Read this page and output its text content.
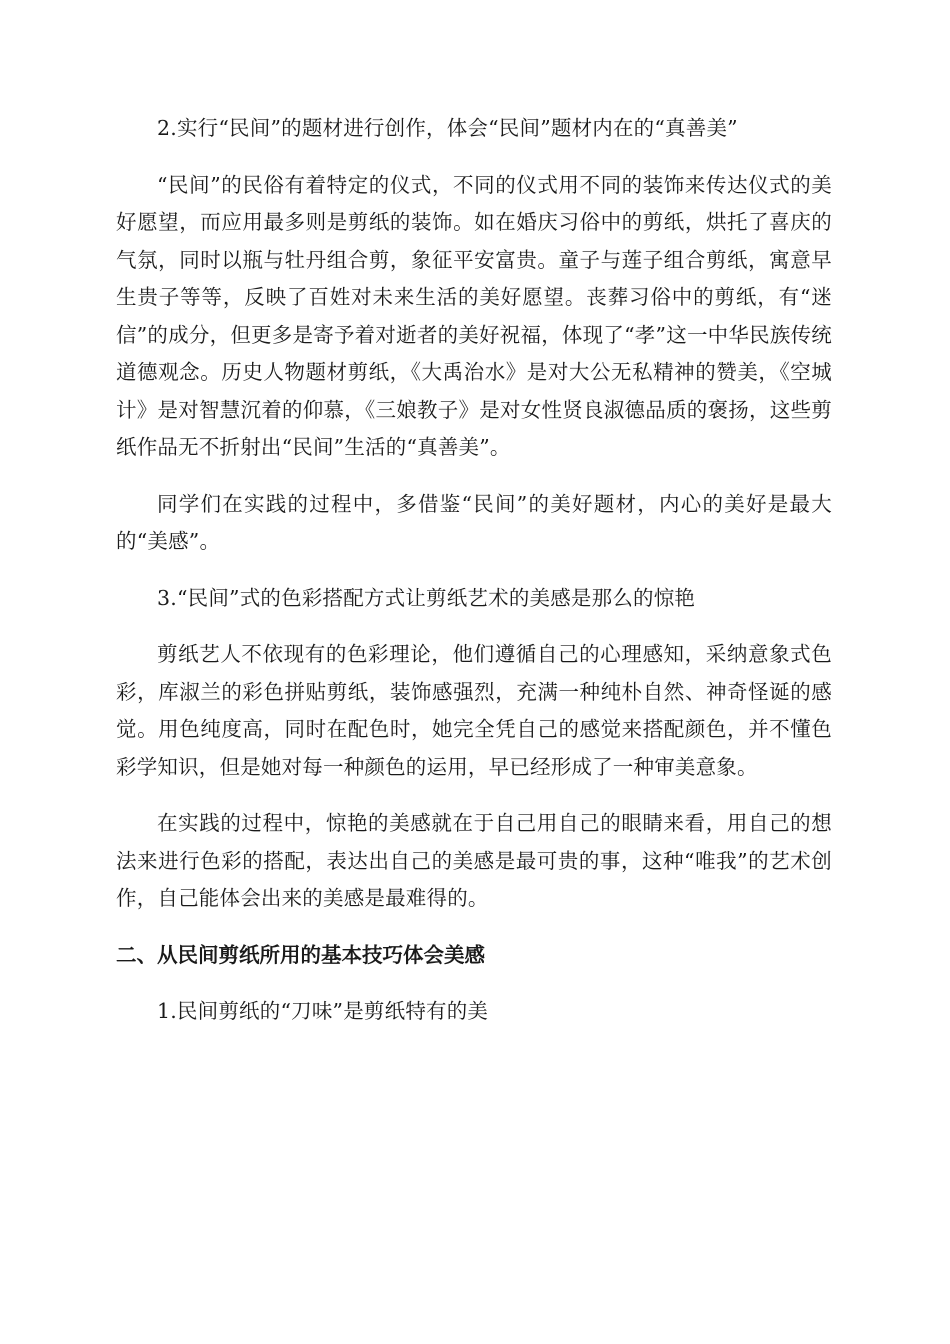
2.实行“民间”的题材进行创作，体会“民间”题材内在的“真善美”

“民间”的民俗有着特定的仪式，不同的仪式用不同的装饰来传达仪式的美好愿望，而应用最多则是剪纸的装饰。如在婚庆习俗中的剪纸，烘托了喜庆的气氛，同时以瓶与牡丹组合剪，象征平安富贵。童子与莲子组合剪纸，寓意早生贵子等等，反映了百姓对未来生活的美好愿望。丧葬习俗中的剪纸，有“迷信”的成分，但更多是寄予着对逝者的美好祝福，体现了“孝”这一中华民族传统道德观念。历史人物题材剪纸，《大禹治水》是对大公无私精神的赞美，《空城计》是对智慧沉着的仰慕，《三娘教子》是对女性贤良淑德品质的褒扬，这些剪纸作品无不折射出“民间”生活的“真善美”。

同学们在实践的过程中，多借鉴“民间”的美好题材，内心的美好是最大的“美感”。

3.“民间”式的色彩搭配方式让剪纸艺术的美感是那么的惊艳

剪纸艺人不依现有的色彩理论，他们遵循自己的心理感知，采纳意象式色彩，库淑兰的彩色拼贴剪纸，装饰感强烈，充满一种纯朴自然、神奇怪诞的感觉。用色纯度高，同时在配色时，她完全凭自己的感觉来搭配颜色，并不懂色彩学知识，但是她对每一种颜色的运用，早已经形成了一种审美意象。

在实践的过程中，惊艳的美感就在于自己用自己的眼睛来看，用自己的想法来进行色彩的搭配，表达出自己的美感是最可贵的事，这种“唯我”的艺术创作，自己能体会出来的美感是最难得的。

二、从民间剪纸所用的基本技巧体会美感

1.民间剪纸的“刀味”是剪纸特有的美
